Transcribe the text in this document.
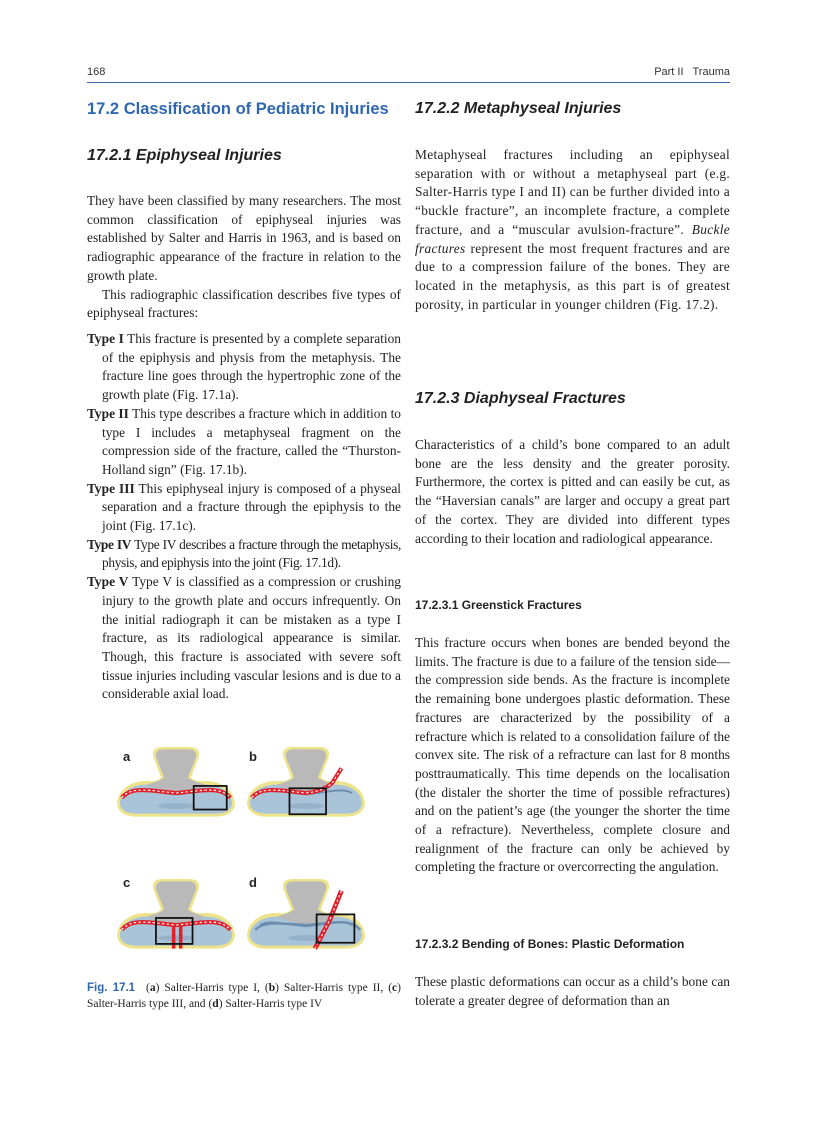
168	Part II   Trauma
17.2 Classification of Pediatric Injuries
17.2.1 Epiphyseal Injuries

They have been classified by many researchers. The most common classification of epiphyseal injuries was established by Salter and Harris in 1963, and is based on radiographic appearance of the fracture in relation to the growth plate.

This radiographic classification describes five types of epiphyseal fractures:

Type I This fracture is presented by a complete separation of the epiphysis and physis from the metaphysis. The fracture line goes through the hypertrophic zone of the growth plate (Fig. 17.1a).

Type II This type describes a fracture which in addition to type I includes a metaphyseal fragment on the compression side of the fracture, called the “Thurston-Holland sign” (Fig. 17.1b).

Type III This epiphyseal injury is composed of a physeal separation and a fracture through the epiphysis to the joint (Fig. 17.1c).

Type IV Type IV describes a fracture through the metaphysis, physis, and epiphysis into the joint (Fig. 17.1d).

Type V Type V is classified as a compression or crushing injury to the growth plate and occurs infrequently. On the initial radiograph it can be mistaken as a type I fracture, as its radiological appearance is similar. Though, this fracture is associated with severe soft tissue injuries including vascular lesions and is due to a considerable axial load.

a	b
c	d
Fig. 17.1 (a) Salter-Harris type I, (b) Salter-Harris type II, (c) Salter-Harris type III, and (d) Salter-Harris type IV
17.2.2 Metaphyseal Injuries

Metaphyseal fractures including an epiphyseal separation with or without a metaphyseal part (e.g. Salter-Harris type I and II) can be further divided into a “buckle fracture”, an incomplete fracture, a complete fracture, and a “muscular avulsion-fracture”. Buckle fractures represent the most frequent fractures and are due to a compression failure of the bones. They are located in the metaphysis, as this part is of greatest porosity, in particular in younger children (Fig. 17.2).

17.2.3 Diaphyseal Fractures

Characteristics of a child’s bone compared to an adult bone are the less density and the greater porosity. Furthermore, the cortex is pitted and can easily be cut, as the “Haversian canals” are larger and occupy a great part of the cortex. They are divided into different types according to their location and radiological appearance.

17.2.3.1 Greenstick Fractures

This fracture occurs when bones are bended beyond the limits. The fracture is due to a failure of the tension side—the compression side bends. As the fracture is incomplete the remaining bone undergoes plastic deformation. These fractures are characterized by the possibility of a refracture which is related to a consolidation failure of the convex site. The risk of a refracture can last for 8 months posttraumatically. This time depends on the localisation (the distaler the shorter the time of possible refractures) and on the patient’s age (the younger the shorter the time of a refracture). Nevertheless, complete closure and realignment of the fracture can only be achieved by completing the fracture or overcorrecting the angulation.

17.2.3.2 Bending of Bones: Plastic Deformation

These plastic deformations can occur as a child’s bone can tolerate a greater degree of deformation than an
